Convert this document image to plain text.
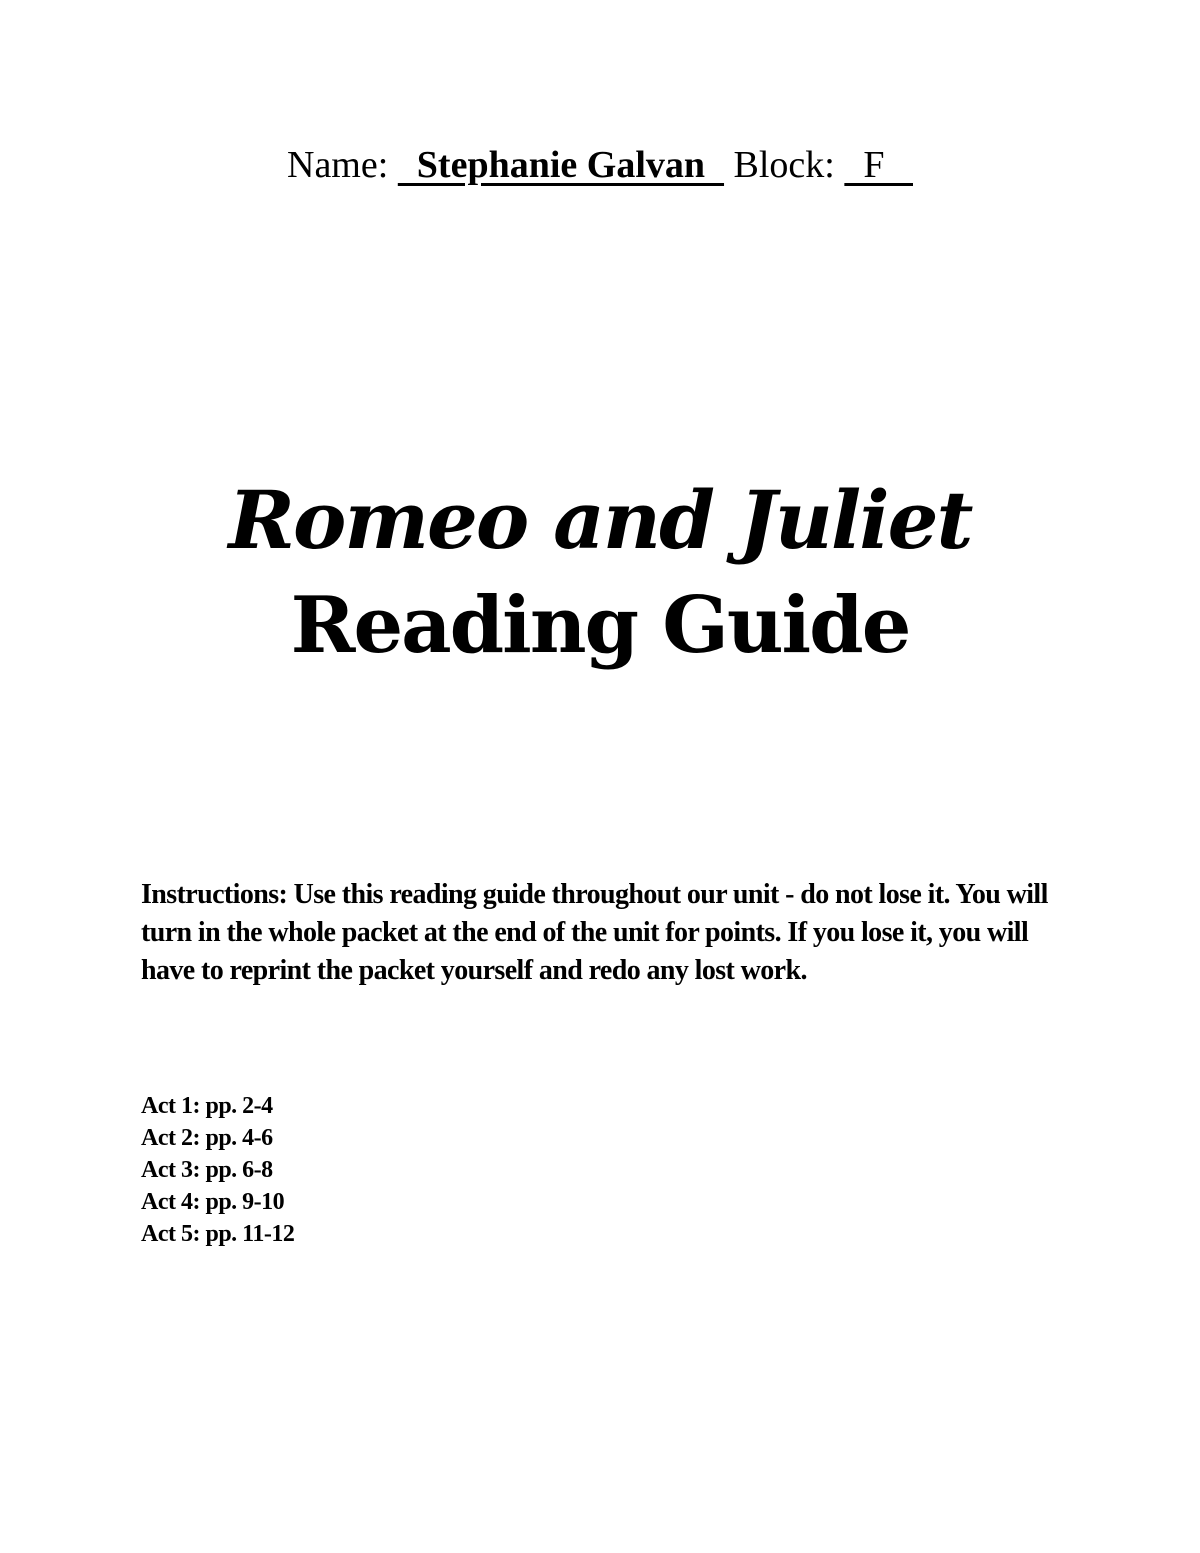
Name:   Stephanie Galvan   Block:   F
Romeo and Juliet
Reading Guide
Instructions: Use this reading guide throughout our unit - do not lose it. You will turn in the whole packet at the end of the unit for points. If you lose it, you will have to reprint the packet yourself and redo any lost work.
Act 1: pp. 2-4
Act 2: pp. 4-6
Act 3: pp. 6-8
Act 4: pp. 9-10
Act 5: pp. 11-12
